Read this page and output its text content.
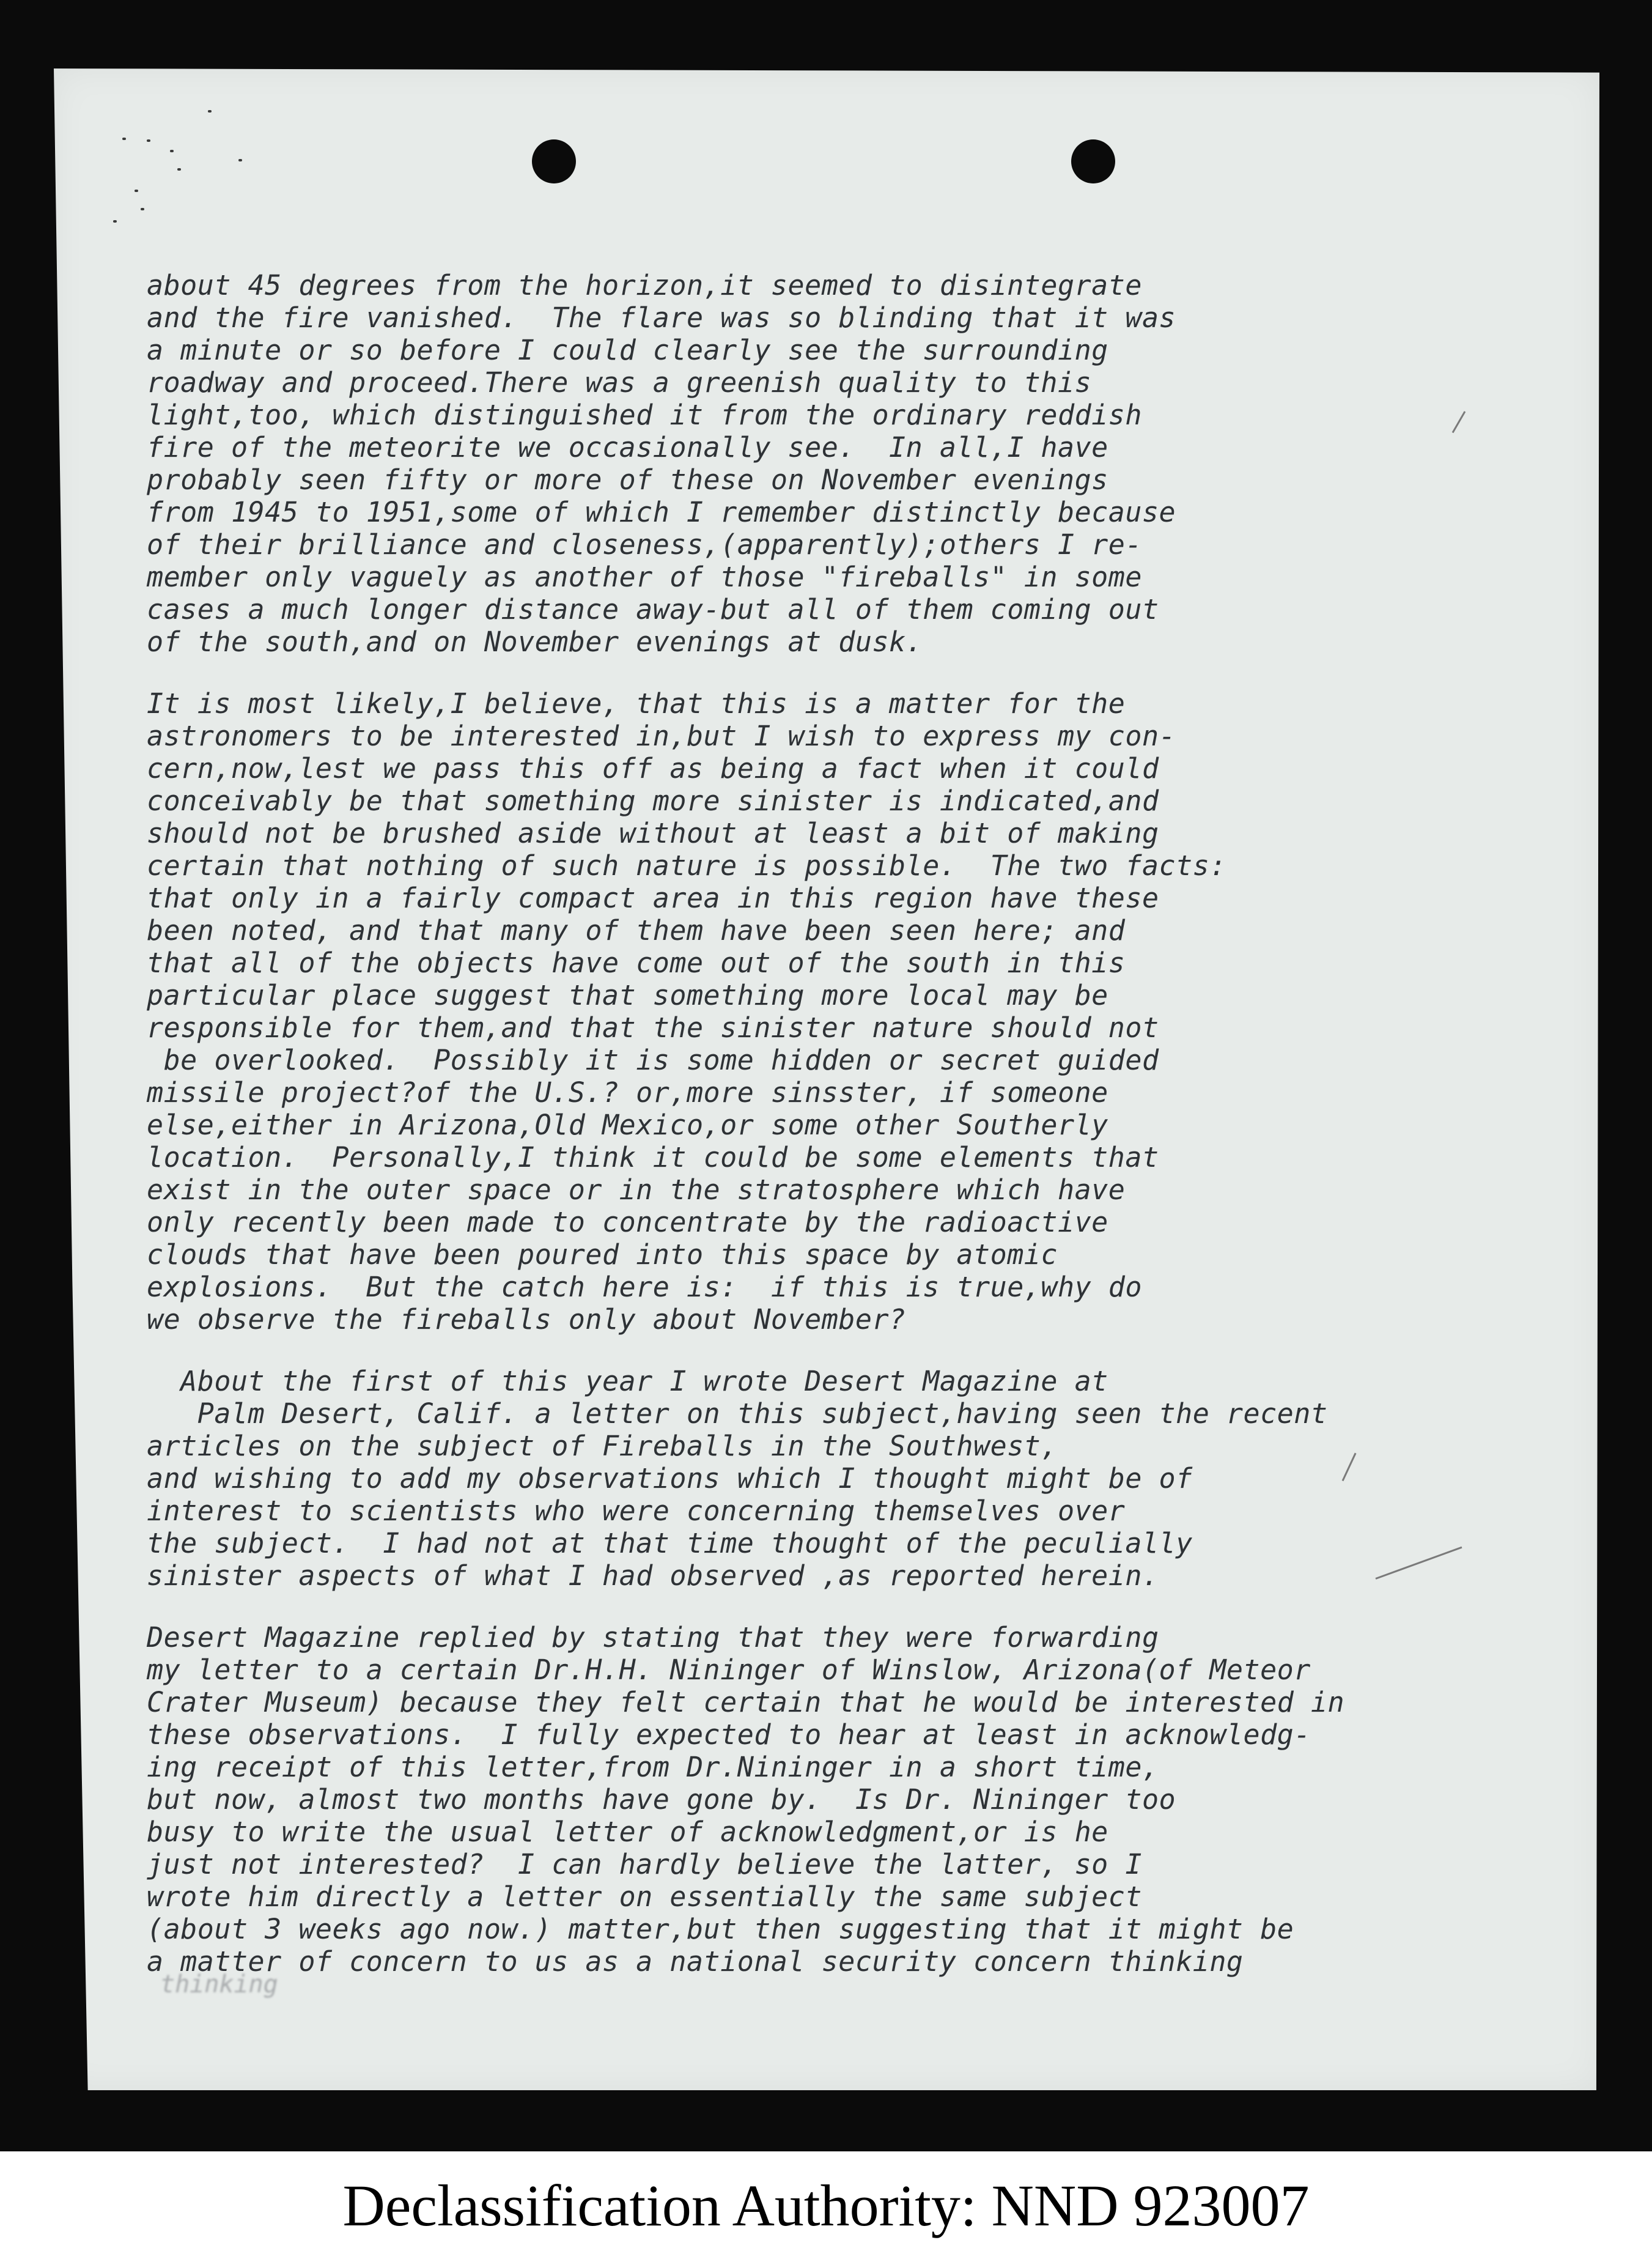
about 45 degrees from the horizon,it seemed to disintegrate
and the fire vanished.  The flare was so blinding that it was
a minute or so before I could clearly see the surrounding
roadway and proceed.There was a greenish quality to this
light,too, which distinguished it from the ordinary reddish
fire of the meteorite we occasionally see.  In all,I have
probably seen fifty or more of these on November evenings
from 1945 to 1951,some of which I remember distinctly because
of their brilliance and closeness,(apparently);others I re-
member only vaguely as another of those "fireballs" in some
cases a much longer distance away-but all of them coming out
of the south,and on November evenings at dusk.
It is most likely,I believe, that this is a matter for the
astronomers to be interested in,but I wish to express my con-
cern,now,lest we pass this off as being a fact when it could
conceivably be that something more sinister is indicated,and
should not be brushed aside without at least a bit of making
certain that nothing of such nature is possible.  The two facts:
that only in a fairly compact area in this region have these
been noted, and that many of them have been seen here; and
that all of the objects have come out of the south in this
particular place suggest that something more local may be
responsible for them,and that the sinister nature should not
be overlooked.  Possibly it is some hidden or secret guided
missile project?of the U.S.? or,more sinsster, if someone
else,either in Arizona,Old Mexico,or some other Southerly
location.  Personally,I think it could be some elements that
exist in the outer space or in the stratosphere which have
only recently been made to concentrate by the radioactive
clouds that have been poured into this space by atomic
explosions.  But the catch here is:  if this is true,why do
we observe the fireballs only about November?
About the first of this year I wrote Desert Magazine at
Palm Desert, Calif. a letter on this subject,having seen the recent
articles on the subject of Fireballs in the Southwest,
and wishing to add my observations which I thought might be of
interest to scientists who were concerning themselves over
the subject.  I had not at that time thought of the peculially
sinister aspects of what I had observed ,as reported herein.
Desert Magazine replied by stating that they were forwarding
my letter to a certain Dr.H.H. Nininger of Winslow, Arizona(of Meteor
Crater Museum) because they felt certain that he would be interested in
these observations.  I fully expected to hear at least in acknowledg-
ing receipt of this letter,from Dr.Nininger in a short time,
but now, almost two months have gone by.  Is Dr. Nininger too
busy to write the usual letter of acknowledgment,or is he
just not interested?  I can hardly believe the latter, so I
wrote him directly a letter on essentially the same subject
(about 3 weeks ago now.) matter,but then suggesting that it might be
a matter of concern to us as a national security concern thinking
thinking
Declassification Authority: NND 923007
